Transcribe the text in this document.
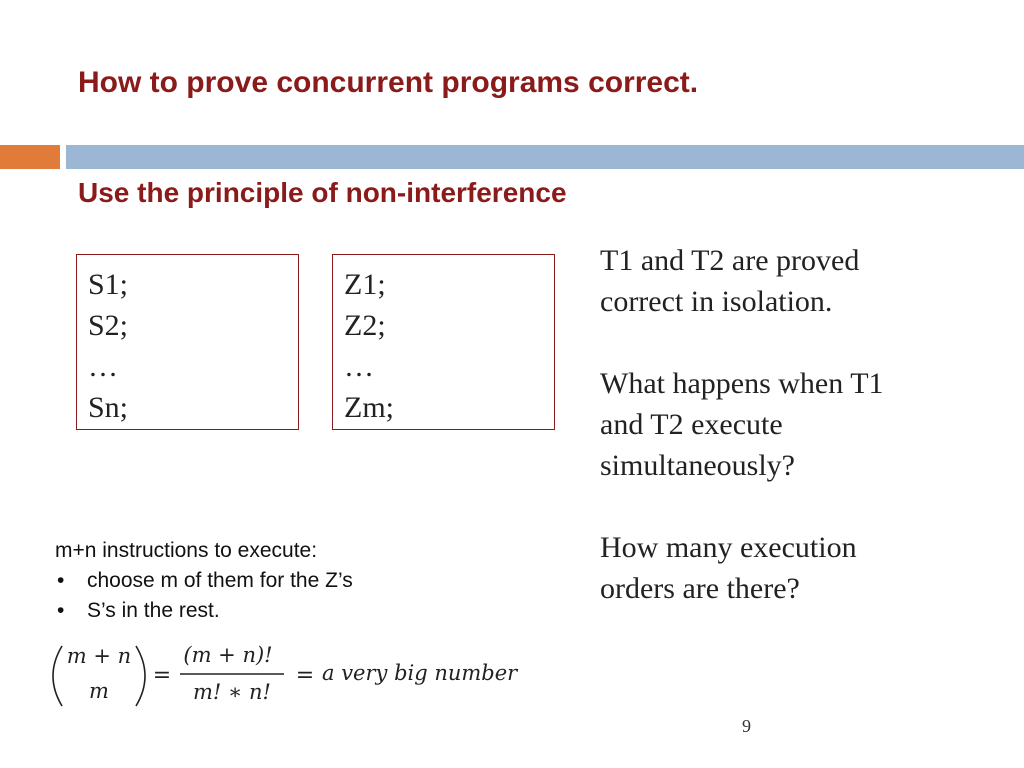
How to prove concurrent programs correct.
Use the principle of non-interference
S1;
S2;
…
Sn;
Z1;
Z2;
…
Zm;

T1 and T2 are proved correct in isolation.

What happens when T1 and T2 execute simultaneously?

How many execution orders are there?

m+n instructions to execute:
• choose m of them for the Z’s
• S’s in the rest.
m + n
m
=
(m + n)!
m! ∗ n!
= a very big number
9
